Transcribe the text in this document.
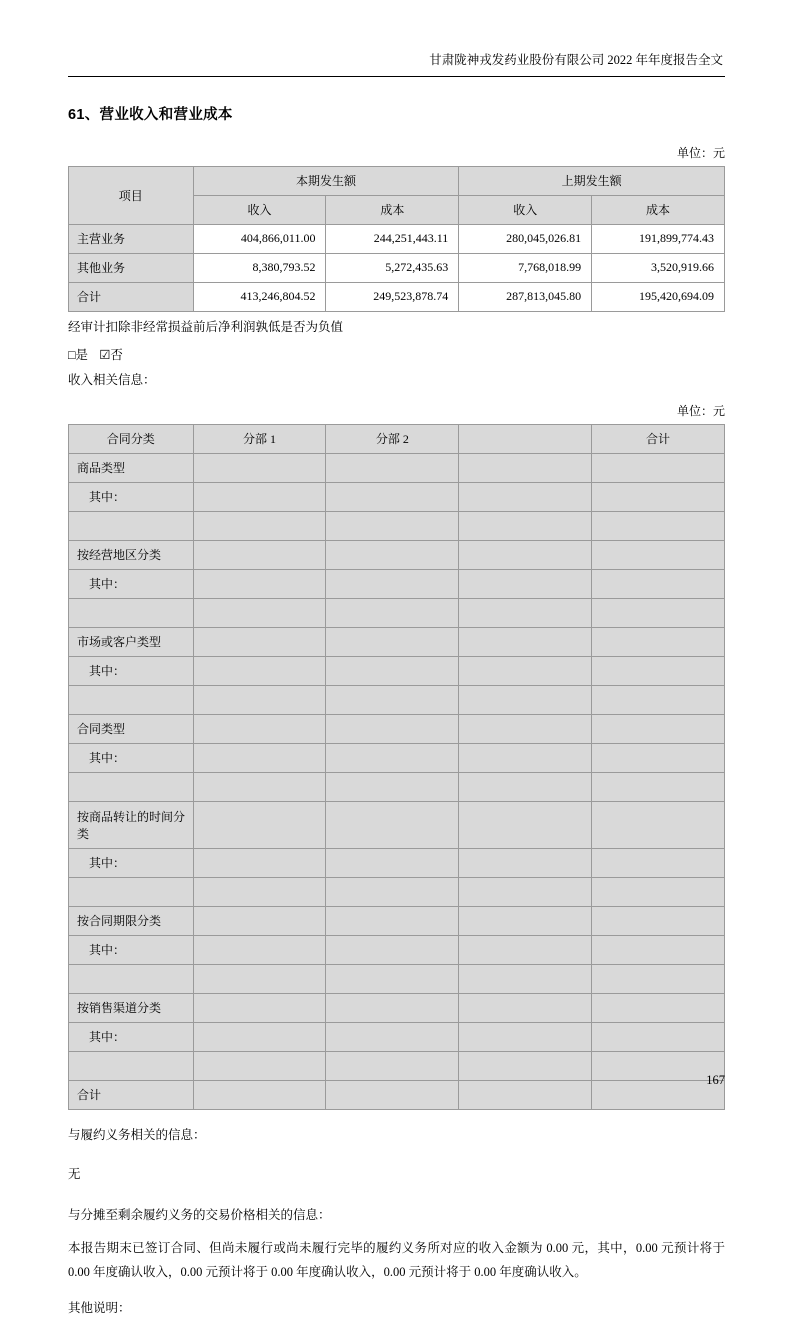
甘肃陇神戎发药业股份有限公司 2022 年年度报告全文
61、营业收入和营业成本
单位：元
项目	本期发生额		上期发生额	
	收入	成本	收入	成本
主营业务	404,866,011.00	244,251,443.11	280,045,026.81	191,899,774.43
其他业务	8,380,793.52	5,272,435.63	7,768,018.99	3,520,919.66
合计	413,246,804.52	249,523,878.74	287,813,045.80	195,420,694.09
经审计扣除非经常损益前后净利润孰低是否为负值
□是 ☑否
收入相关信息：
单位：元
合同分类	分部 1	分部 2		合计
商品类型				
其中：				

按经营地区分类				
其中：				

市场或客户类型				
其中：				

合同类型				
其中：				

按商品转让的时间分类				
其中：				

按合同期限分类				
其中：				

按销售渠道分类				
其中：				

合计				
与履约义务相关的信息：
无
与分摊至剩余履约义务的交易价格相关的信息：
本报告期末已签订合同、但尚未履行或尚未履行完毕的履约义务所对应的收入金额为 0.00 元，其中，0.00 元预计将于 0.00 年度确认收入，0.00 元预计将于 0.00 年度确认收入，0.00 元预计将于 0.00 年度确认收入。
其他说明：
167
